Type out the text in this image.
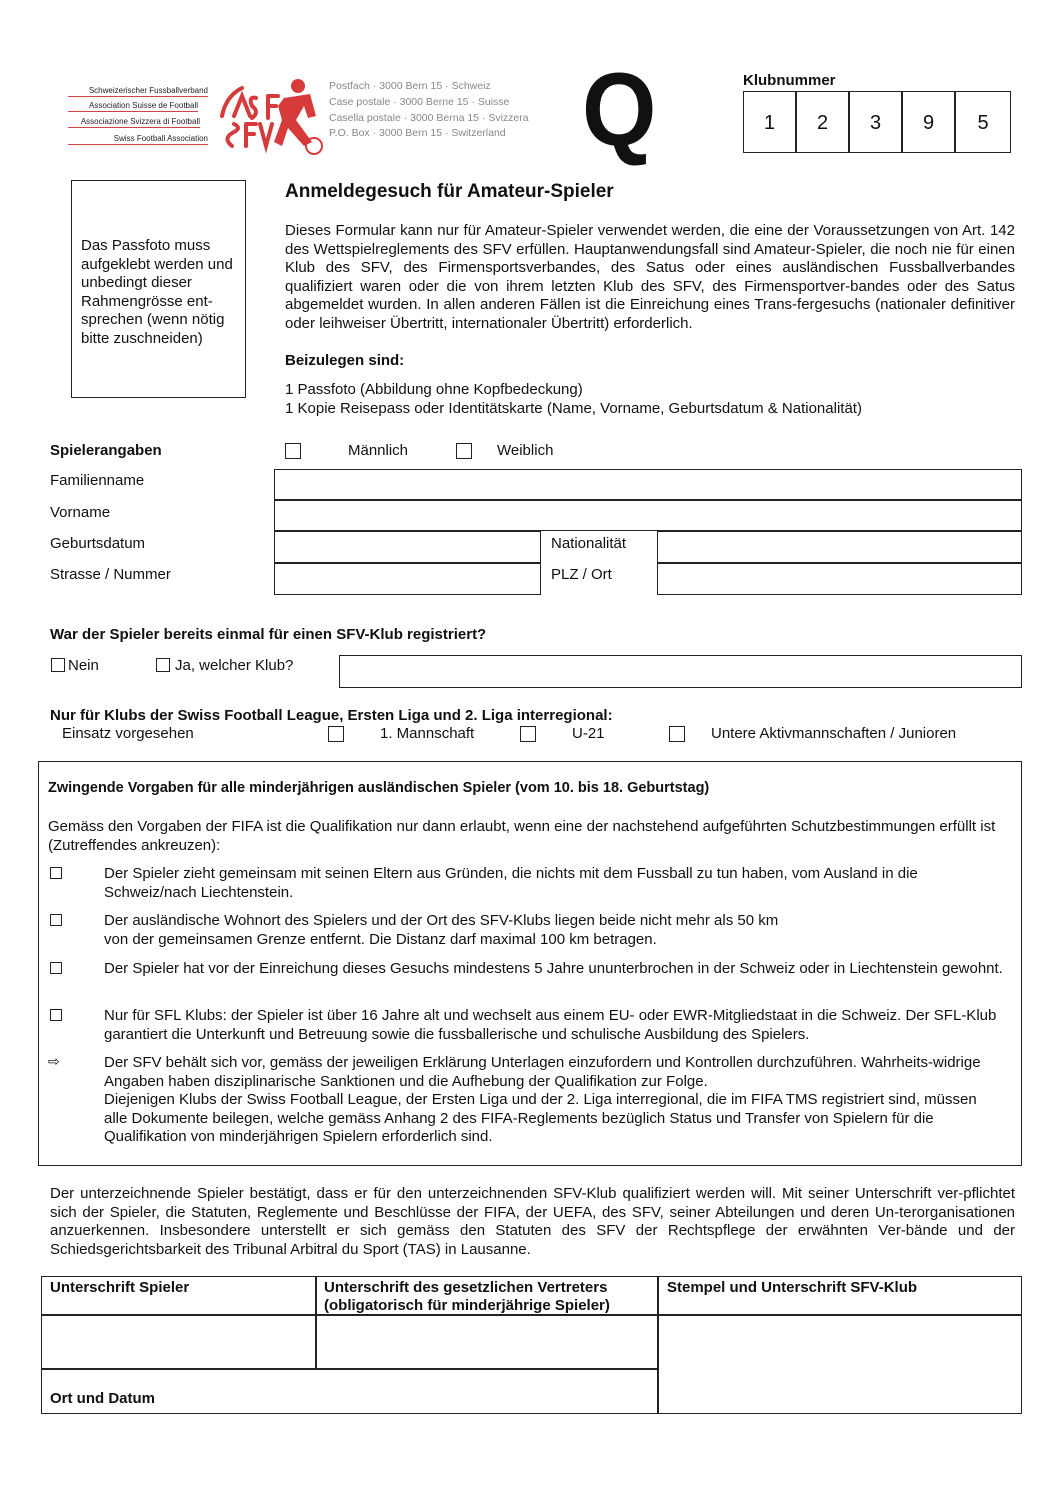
Schweizerischer Fussballverband
Association Suisse de Football
Associazione Svizzera di Football
Swiss Football Association
Postfach · 3000 Bern 15 · Schweiz
Case postale · 3000 Berne 15 · Suisse
Casella postale · 3000 Berna 15 · Svizzera
P.O. Box · 3000 Bern 15 · Switzerland Q	Klubnummer
1	2	3	9	5
Das Passfoto muss aufgeklebt werden und unbedingt dieser Rahmengrösse ent-sprechen (wenn nötig bitte zuschneiden)
Anmeldegesuch für Amateur-Spieler
Dieses Formular kann nur für Amateur-Spieler verwendet werden, die eine der Voraussetzungen von Art. 142 des Wettspielreglements des SFV erfüllen. Hauptanwendungsfall sind Amateur-Spieler, die noch nie für einen Klub des SFV, des Firmensportsverbandes, des Satus oder eines ausländischen Fussballverbandes qualifiziert waren oder die von ihrem letzten Klub des SFV, des Firmensportver-bandes oder des Satus abgemeldet wurden. In allen anderen Fällen ist die Einreichung eines Trans-fergesuchs (nationaler definitiver oder leihweiser Übertritt, internationaler Übertritt) erforderlich.
Beizulegen sind:
1 Passfoto (Abbildung ohne Kopfbedeckung)
1 Kopie Reisepass oder Identitätskarte (Name, Vorname, Geburtsdatum & Nationalität)
Spielerangaben	Männlich	Weiblich
Familienname
Vorname
Geburtsdatum	Nationalität
Strasse / Nummer	PLZ / Ort
War der Spieler bereits einmal für einen SFV-Klub registriert?
Nein	Ja, welcher Klub?
Nur für Klubs der Swiss Football League, Ersten Liga und 2. Liga interregional:
Einsatz vorgesehen	1. Mannschaft	U-21	Untere Aktivmannschaften / Junioren
Zwingende Vorgaben für alle minderjährigen ausländischen Spieler (vom 10. bis 18. Geburtstag)
Gemäss den Vorgaben der FIFA ist die Qualifikation nur dann erlaubt, wenn eine der nachstehend aufgeführten Schutzbestimmungen erfüllt ist (Zutreffendes ankreuzen):
Der Spieler zieht gemeinsam mit seinen Eltern aus Gründen, die nichts mit dem Fussball zu tun haben, vom Ausland in die Schweiz/nach Liechtenstein.
Der ausländische Wohnort des Spielers und der Ort des SFV-Klubs liegen beide nicht mehr als 50 km von der gemeinsamen Grenze entfernt. Die Distanz darf maximal 100 km betragen.
Der Spieler hat vor der Einreichung dieses Gesuchs mindestens 5 Jahre ununterbrochen in der Schweiz oder in Liechtenstein gewohnt.
Nur für SFL Klubs: der Spieler ist über 16 Jahre alt und wechselt aus einem EU- oder EWR-Mitgliedstaat in die Schweiz. Der SFL-Klub garantiert die Unterkunft und Betreuung sowie die fussballerische und schulische Ausbildung des Spielers.
⇨	Der SFV behält sich vor, gemäss der jeweiligen Erklärung Unterlagen einzufordern und Kontrollen durchzuführen. Wahrheits-widrige Angaben haben disziplinarische Sanktionen und die Aufhebung der Qualifikation zur Folge.
Diejenigen Klubs der Swiss Football League, der Ersten Liga und der 2. Liga interregional, die im FIFA TMS registriert sind, müssen alle Dokumente beilegen, welche gemäss Anhang 2 des FIFA-Reglements bezüglich Status und Transfer von Spielern für die Qualifikation von minderjährigen Spielern erforderlich sind.
Der unterzeichnende Spieler bestätigt, dass er für den unterzeichnenden SFV-Klub qualifiziert werden will. Mit seiner Unterschrift ver-pflichtet sich der Spieler, die Statuten, Reglemente und Beschlüsse der FIFA, der UEFA, des SFV, seiner Abteilungen und deren Un-terorganisationen anzuerkennen. Insbesondere unterstellt er sich gemäss den Statuten des SFV der Rechtspflege der erwähnten Ver-bände und der Schiedsgerichtsbarkeit des Tribunal Arbitral du Sport (TAS) in Lausanne.
Unterschrift Spieler	Unterschrift des gesetzlichen Vertreters
(obligatorisch für minderjährige Spieler)
Stempel und Unterschrift SFV-Klub
Ort und Datum
